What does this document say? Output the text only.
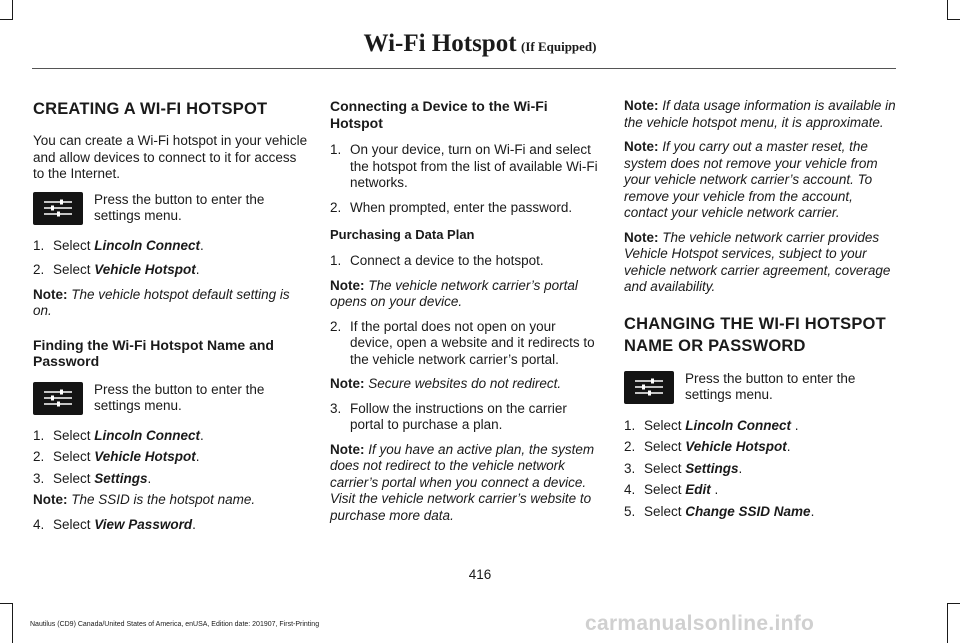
Wi-Fi Hotspot (If Equipped)
CREATING A WI-FI HOTSPOT

You can create a Wi-Fi hotspot in your vehicle and allow devices to connect to it for access to the Internet.

Press the button to enter the settings menu.
1. Select Lincoln Connect.
2. Select Vehicle Hotspot.

Note: The vehicle hotspot default setting is on.

Finding the Wi-Fi Hotspot Name and Password
Press the button to enter the settings menu.
1. Select Lincoln Connect.
2. Select Vehicle Hotspot.
3. Select Settings.

Note: The SSID is the hotspot name.

4. Select View Password.
Connecting a Device to the Wi-Fi Hotspot
1. On your device, turn on Wi-Fi and select the hotspot from the list of available Wi-Fi networks.
2. When prompted, enter the password.
Purchasing a Data Plan
1. Connect a device to the hotspot.

Note: The vehicle network carrier’s portal opens on your device.

2. If the portal does not open on your device, open a website and it redirects to the vehicle network carrier’s portal.

Note: Secure websites do not redirect.

3. Follow the instructions on the carrier portal to purchase a plan.

Note: If you have an active plan, the system does not redirect to the vehicle network carrier’s portal when you connect a device. Visit the vehicle network carrier’s website to purchase more data.

Note: If data usage information is available in the vehicle hotspot menu, it is approximate.

Note: If you carry out a master reset, the system does not remove your vehicle from your vehicle network carrier’s account. To remove your vehicle from the account, contact your vehicle network carrier.

Note: The vehicle network carrier provides Vehicle Hotspot services, subject to your vehicle network carrier agreement, coverage and availability.

CHANGING THE WI-FI HOTSPOT
NAME OR PASSWORD
Press the button to enter the settings menu.
1. Select Lincoln Connect .
2. Select Vehicle Hotspot.
3. Select Settings.
4. Select Edit .
5. Select Change SSID Name.
416
carmanualsonline.info
Nautilus (CD9) Canada/United States of America, enUSA, Edition date: 201907, First-Printing
